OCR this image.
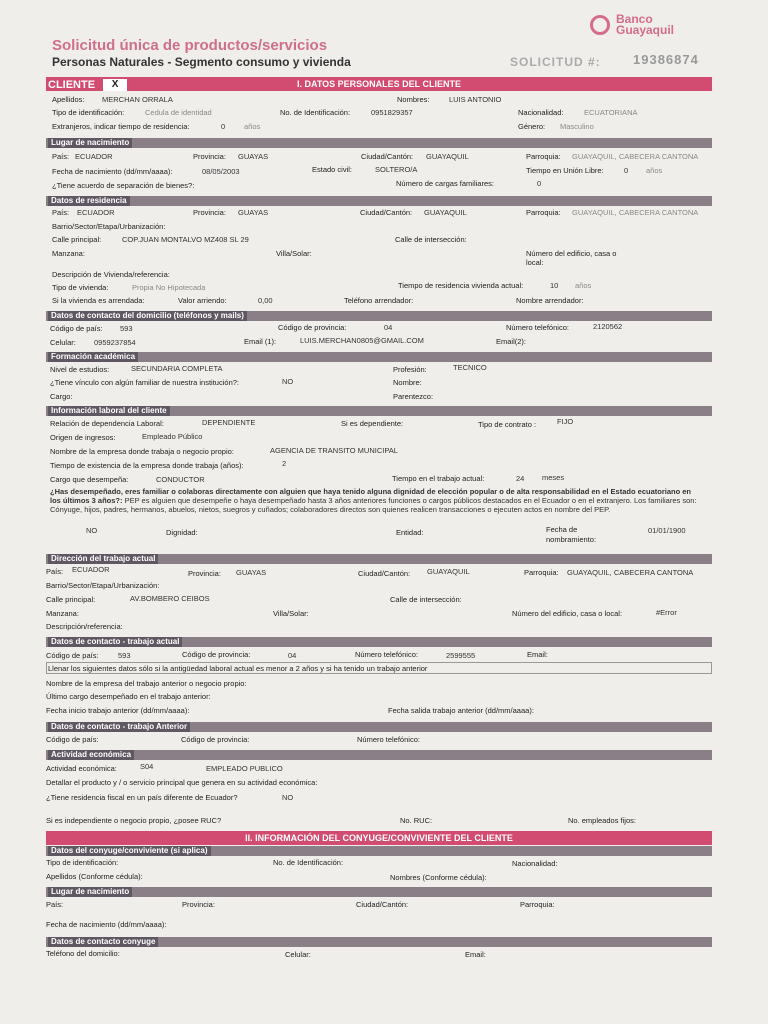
Banco
Guayaquil
Solicitud única de productos/servicios
Personas Naturales - Segmento consumo y vivienda	SOLICITUD #: 19386874
I. DATOS PERSONALES DEL CLIENTE
CLIENTE	X
Apellidos: MERCHAN ORRALA	Nombres:	LUIS ANTONIO
Tipo de identificación:	Cedula de identidad	No. de Identificación:	0951829357	Nacionalidad:	ECUATORIANA
Extranjeros, indicar tiempo de residencia:	0	años	Género: Masculino
Lugar de nacimiento
País: ECUADOR	Provincia: GUAYAS	Ciudad/Cantón: GUAYAQUIL	Parroquia: GUAYAQUIL, CABECERA CANTONA
Fecha de nacimiento (dd/mm/aaaa):	08/05/2003	Estado civil:	SOLTERO/A	Tiempo en Unión Libre:	0 años
¿Tiene acuerdo de separación de bienes?:	Número de cargas familiares:	0
Datos de residencia
País: ECUADOR	Provincia: GUAYAS	Ciudad/Cantón: GUAYAQUIL	Parroquia: GUAYAQUIL, CABECERA CANTONA
Barrio/Sector/Etapa/Urbanización:
Calle principal:	COP.JUAN MONTALVO MZ408 SL 29	Calle de intersección:
Manzana:	Villa/Solar:	Número del edificio, casa o local:
Descripción de Vivienda/referencia:
Tipo de vivienda:	Propia No Hipotecada	Tiempo de residencia vivienda actual:	10 años
Si la vivienda es arrendada:	Valor arriendo:	0,00	Teléfono arrendador:	Nombre arrendador:
Datos de contacto del domicilio (teléfonos y mails)
Código de país: 593	Código de provincia:	04	Número telefónico:	2120562
Celular: 0959237854	Email (1):	LUIS.MERCHAN0805@GMAIL.COM	Email(2):
Formación académica
Nivel de estudios:	SECUNDARIA COMPLETA	Profesión:	TECNICO
¿Tiene vínculo con algún familiar de nuestra institución?:	NO	Nombre:
Cargo:	Parentezco:
Información laboral del cliente
Relación de dependencia Laboral:	DEPENDIENTE	Si es dependiente:	Tipo de contrato :	FIJO
Origen de ingresos:	Empleado Público
Nombre de la empresa donde trabaja o negocio propio:	AGENCIA DE TRANSITO MUNICIPAL
Tiempo de existencia de la empresa donde trabaja (años):	2
Cargo que desempeña:	CONDUCTOR	Tiempo en el trabajo actual:	24 meses
¿Has desempeñado, eres familiar o colaboras directamente con alguien que haya tenido alguna dignidad de elección popular o de alta responsabilidad en el Estado ecuatoriano en los últimos 3 años?: PEP es alguien que desempeñe o haya desempeñado hasta 3 años anteriores funciones o cargos públicos destacados en el Ecuador o en el extranjero. Los familiares son: Cónyuge, hijos, padres, hermanos, abuelos, nietos, suegros y cuñados; colaboradores directos son quienes realicen transacciones o ejecuten actos en nombre del PEP.
NO	Dignidad:	Entidad:	Fecha de
nombramiento:
01/01/1900
Dirección del trabajo actual
País: ECUADOR	Provincia: GUAYAS	Ciudad/Cantón: GUAYAQUIL	Parroquia: GUAYAQUIL, CABECERA CANTONA
Barrio/Sector/Etapa/Urbanización:
Calle principal:	AV.BOMBERO CEIBOS	Calle de intersección:
Manzana:	Villa/Solar:	Número del edificio, casa o local:	#Error
Descripción/referencia:
Datos de contacto - trabajo actual
Código de país:	593	Código de provincia:	04	Número telefónico:	2599555	Email:
Llenar los siguientes datos sólo si la antigüedad laboral actual es menor a 2 años y si ha tenido un trabajo anterior
Nombre de la empresa del trabajo anterior o negocio propio:
Último cargo desempeñado en el trabajo anterior:
Fecha inicio trabajo anterior (dd/mm/aaaa):	Fecha salida trabajo anterior (dd/mm/aaaa):
Datos de contacto - trabajo Anterior
Código de país:	Código de provincia:	Número telefónico:
Actividad económica
Actividad económica:	S04	EMPLEADO PUBLICO
Detallar el producto y / o servicio principal que genera en su actividad económica:
¿Tiene residencia fiscal en un país diferente de Ecuador?	NO
Si es independiente o negocio propio, ¿posee RUC?	No. RUC:	No. empleados fijos:
II. INFORMACIÓN DEL CONYUGE/CONVIVIENTE DEL CLIENTE
Datos del conyuge/conviviente (si aplica)
Tipo de identificación:	No. de Identificación:	Nacionalidad:
Apellidos (Conforme cédula):	Nombres (Conforme cédula):
Lugar de nacimiento
País:	Provincia:	Ciudad/Cantón:	Parroquia:
Fecha de nacimiento (dd/mm/aaaa):
Datos de contacto conyuge
Teléfono del domicilio:	Celular:	Email:
